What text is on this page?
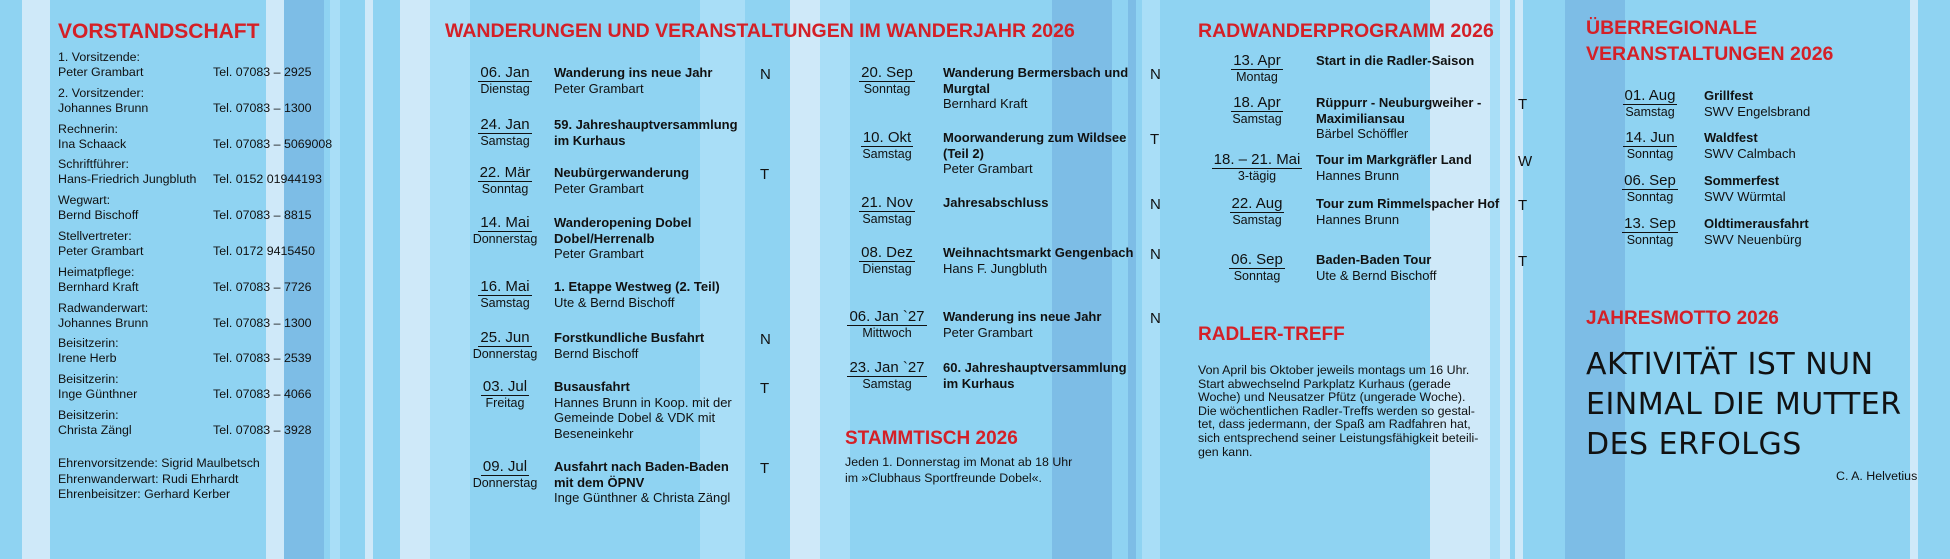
VORSTANDSCHAFT
1. Vorsitzende:
Peter Grambart	Tel. 07083 – 2925
2. Vorsitzender:
Johannes Brunn	Tel. 07083 – 1300
Rechnerin:
Ina Schaack	Tel. 07083 – 5069008
Schriftführer:
Hans-Friedrich Jungbluth Tel. 0152 01944193
Wegwart:
Bernd Bischoff	Tel. 07083 – 8815
Stellvertreter:
Peter Grambart	Tel. 0172 9415450
Heimatpflege:
Bernhard Kraft	Tel. 07083 – 7726
Radwanderwart:
Johannes Brunn	Tel. 07083 – 1300
Beisitzerin:
Irene Herb	Tel. 07083 – 2539
Beisitzerin:
Inge Günthner	Tel. 07083 – 4066
Beisitzerin:
Christa Zängl	Tel. 07083 – 3928
Ehrenvorsitzende: Sigrid Maulbetsch
Ehrenwanderwart: Rudi Ehrhardt
Ehrenbeisitzer: Gerhard Kerber
WANDERUNGEN UND VERANSTALTUNGEN IM WANDERJAHR 2026
06. Jan
Dienstag
Wanderung ins neue Jahr
Peter Grambart
N
24. Jan
Samstag
59. Jahreshauptversammlung im Kurhaus
22. Mär
Sonntag
Neubürgerwanderung
Peter Grambart
T
14. Mai
Donnerstag
Wanderopening Dobel Dobel/Herrenalb
Peter Grambart
16. Mai
Samstag
1. Etappe Westweg (2. Teil)
Ute & Bernd Bischoff
25. Jun
Donnerstag
Forstkundliche Busfahrt
Bernd Bischoff
N
03. Jul
Freitag
Busausfahrt
Hannes Brunn in Koop. mit der Gemeinde Dobel & VDK mit Beseneinkehr
T
09. Jul
Donnerstag
Ausfahrt nach Baden-Baden mit dem ÖPNV
Inge Günthner & Christa Zängl
T
20. Sep
Sonntag
Wanderung Bermersbach und Murgtal
Bernhard Kraft
N
10. Okt
Samstag
Moorwanderung zum Wildsee (Teil 2)
Peter Grambart
T
21. Nov
Samstag
Jahresabschluss	N
08. Dez
Dienstag
Weihnachtsmarkt Gengenbach
Hans F. Jungbluth
N
06. Jan `27
Mittwoch
Wanderung ins neue Jahr
Peter Grambart
N
23. Jan `27
Samstag
60. Jahreshauptversammlung im Kurhaus
STAMMTISCH 2026
Jeden 1. Donnerstag im Monat ab 18 Uhr
im »Clubhaus Sportfreunde Dobel«.
RADWANDERPROGRAMM 2026
13. Apr
Montag
Start in die Radler-Saison
18. Apr
Samstag
Rüppurr - Neuburgweiher - Maximiliansau
Bärbel Schöffler
T
18. – 21. Mai
3-tägig
Tour im Markgräfler Land
Hannes Brunn
W
22. Aug
Samstag
Tour zum Rimmelspacher Hof
Hannes Brunn
T
06. Sep
Sonntag
Baden-Baden Tour
Ute & Bernd Bischoff
T
RADLER-TREFF
Von April bis Oktober jeweils montags um 16 Uhr.
Start abwechselnd Parkplatz Kurhaus (gerade
Woche) und Neusatzer Pfütz (ungerade Woche).
Die wöchentlichen Radler-Treffs werden so gestal-
tet, dass jedermann, der Spaß am Radfahren hat,
sich entsprechend seiner Leistungsfähigkeit beteili-
gen kann.
ÜBERREGIONALE
VERANSTALTUNGEN 2026
01. Aug
Samstag
Grillfest
SWV Engelsbrand
14. Jun
Sonntag
Waldfest
SWV Calmbach
06. Sep
Sonntag
Sommerfest
SWV Würmtal
13. Sep
Sonntag
Oldtimerausfahrt
SWV Neuenbürg
JAHRESMOTTO 2026
AKTIVITÄT IST NUN
EINMAL DIE MUTTER
DES ERFOLGS
C. A. Helvetius
